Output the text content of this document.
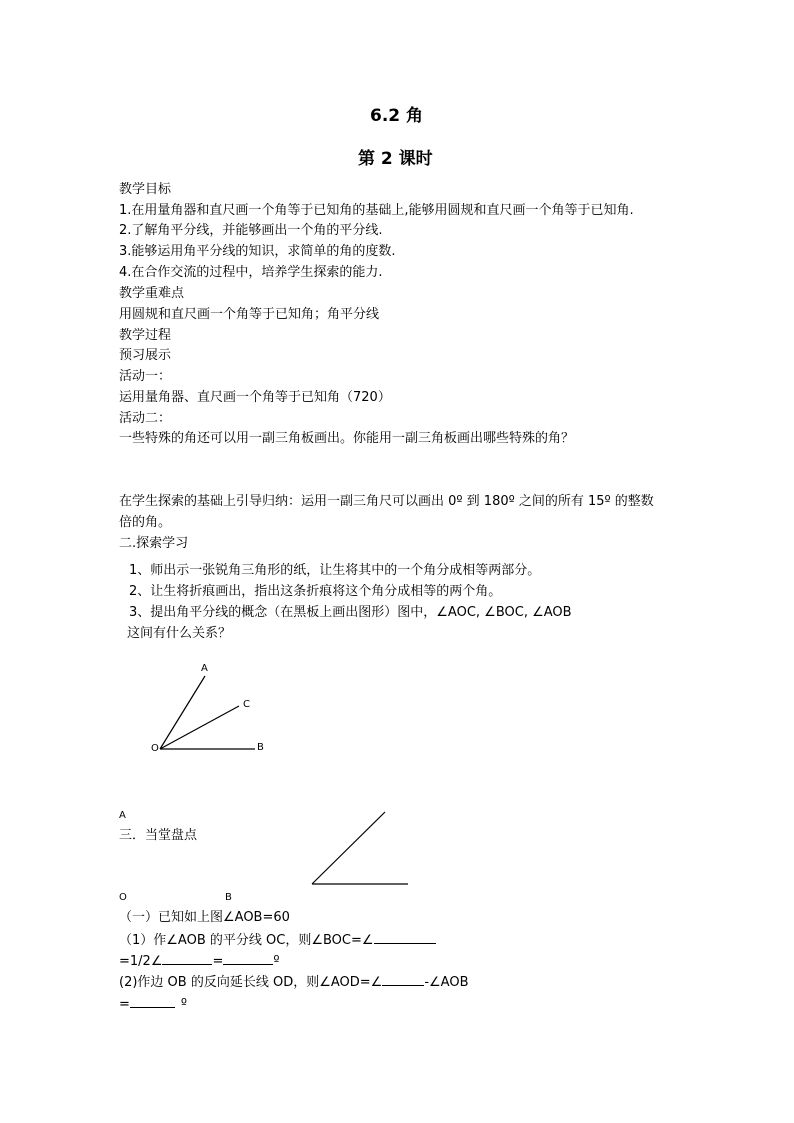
6.2 角
第 2 课时
教学目标
1.在用量角器和直尺画一个角等于已知角的基础上,能够用圆规和直尺画一个角等于已知角.
2.了解角平分线，并能够画出一个角的平分线.
3.能够运用角平分线的知识，求简单的角的度数.
4.在合作交流的过程中，培养学生探索的能力.
教学重难点
用圆规和直尺画一个角等于已知角；角平分线
教学过程
预习展示
活动一：
运用量角器、直尺画一个角等于已知角（720）
活动二：
一些特殊的角还可以用一副三角板画出。你能用一副三角板画出哪些特殊的角？
在学生探索的基础上引导归纳：运用一副三角尺可以画出 0º 到 180º 之间的所有 15º 的整数
倍的角。
二.探索学习
1、师出示一张锐角三角形的纸，让生将其中的一个角分成相等两部分。
2、让生将折痕画出，指出这条折痕将这个角分成相等的两个角。
3、提出角平分线的概念（在黑板上画出图形）图中，∠AOC, ∠BOC, ∠AOB
这间有什么关系？
A
C
O	B
A
三．当堂盘点
O	B
（一）已知如上图∠AOB=60
（1）作∠AOB 的平分线 OC，则∠BOC=∠
=1/2∠	=	º
(2)作边 OB 的反向延长线 OD，则∠AOD=∠	-∠AOB
=	º
